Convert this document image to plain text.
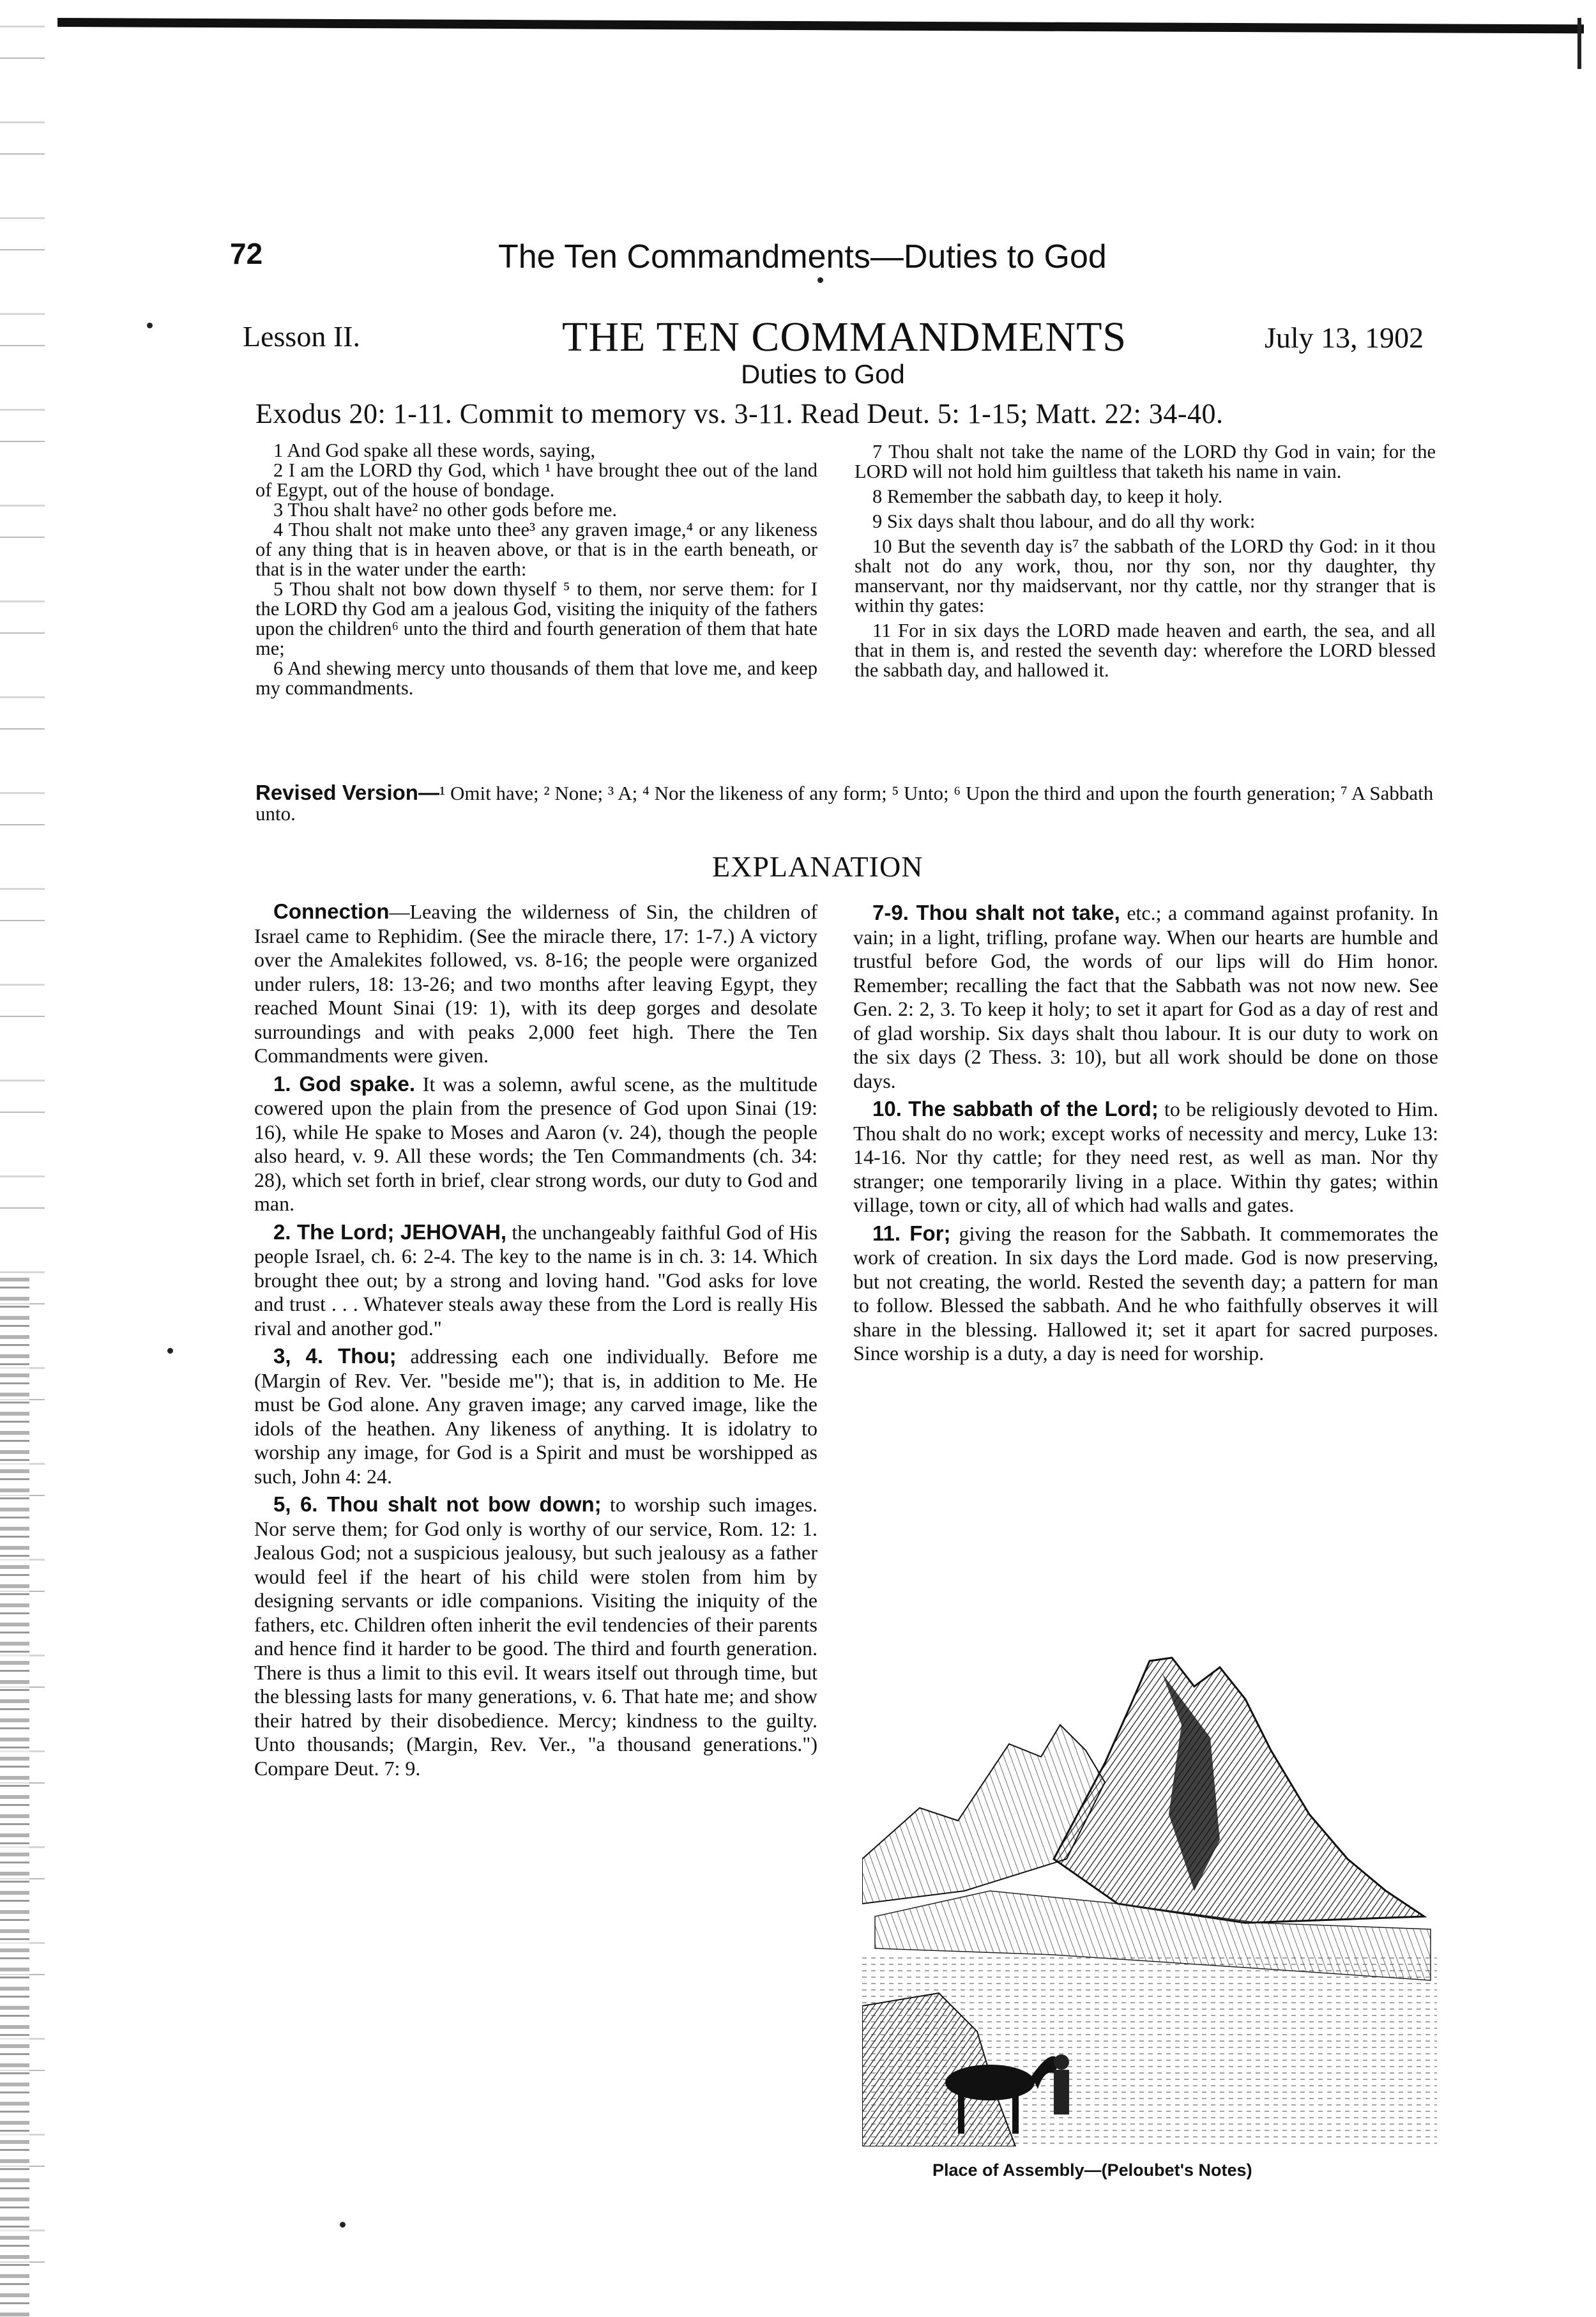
72	The Ten Commandments—Duties to God
Lesson II.	THE TEN COMMANDMENTS	July 13, 1902
Duties to God
Exodus 20: 1-11. Commit to memory vs. 3-11. Read Deut. 5: 1-15; Matt. 22: 34-40.

1 And God spake all these words, saying,

2 I am the LORD thy God, which ¹ have brought thee out of the land of Egypt, out of the house of bondage.

3 Thou shalt have² no other gods before me.

4 Thou shalt not make unto thee³ any graven image,⁴ or any likeness of any thing that is in heaven above, or that is in the earth beneath, or that is in the water under the earth:

5 Thou shalt not bow down thyself ⁵ to them, nor serve them: for I the LORD thy God am a jealous God, visiting the iniquity of the fathers upon the children⁶ unto the third and fourth generation of them that hate me;

6 And shewing mercy unto thousands of them that love me, and keep my commandments.

7 Thou shalt not take the name of the LORD thy God in vain; for the LORD will not hold him guiltless that taketh his name in vain.

8 Remember the sabbath day, to keep it holy.

9 Six days shalt thou labour, and do all thy work:

10 But the seventh day is⁷ the sabbath of the LORD thy God: in it thou shalt not do any work, thou, nor thy son, nor thy daughter, thy manservant, nor thy maidservant, nor thy cattle, nor thy stranger that is within thy gates:

11 For in six days the LORD made heaven and earth, the sea, and all that in them is, and rested the seventh day: wherefore the LORD blessed the sabbath day, and hallowed it.

Revised Version—¹ Omit have; ² None; ³ A; ⁴ Nor the likeness of any form; ⁵ Unto; ⁶ Upon the third and upon the fourth generation; ⁷ A Sabbath unto.
EXPLANATION

Connection—Leaving the wilderness of Sin, the children of Israel came to Rephidim. (See the miracle there, 17: 1-7.) A victory over the Amalekites followed, vs. 8-16; the people were organized under rulers, 18: 13-26; and two months after leaving Egypt, they reached Mount Sinai (19: 1), with its deep gorges and desolate surroundings and with peaks 2,000 feet high. There the Ten Commandments were given.

1. God spake. It was a solemn, awful scene, as the multitude cowered upon the plain from the presence of God upon Sinai (19: 16), while He spake to Moses and Aaron (v. 24), though the people also heard, v. 9. All these words; the Ten Commandments (ch. 34: 28), which set forth in brief, clear strong words, our duty to God and man.

2. The Lord; JEHOVAH, the unchangeably faithful God of His people Israel, ch. 6: 2-4. The key to the name is in ch. 3: 14. Which brought thee out; by a strong and loving hand. "God asks for love and trust . . . Whatever steals away these from the Lord is really His rival and another god."

3, 4. Thou; addressing each one individually. Before me (Margin of Rev. Ver. "beside me"); that is, in addition to Me. He must be God alone. Any graven image; any carved image, like the idols of the heathen. Any likeness of anything. It is idolatry to worship any image, for God is a Spirit and must be worshipped as such, John 4: 24.

5, 6. Thou shalt not bow down; to worship such images. Nor serve them; for God only is worthy of our service, Rom. 12: 1. Jealous God; not a suspicious jealousy, but such jealousy as a father would feel if the heart of his child were stolen from him by designing servants or idle companions. Visiting the iniquity of the fathers, etc. Children often inherit the evil tendencies of their parents and hence find it harder to be good. The third and fourth generation. There is thus a limit to this evil. It wears itself out through time, but the blessing lasts for many generations, v. 6. That hate me; and show their hatred by their disobedience. Mercy; kindness to the guilty. Unto thousands; (Margin, Rev. Ver., "a thousand generations.") Compare Deut. 7: 9.

7-9. Thou shalt not take, etc.; a command against profanity. In vain; in a light, trifling, profane way. When our hearts are humble and trustful before God, the words of our lips will do Him honor. Remember; recalling the fact that the Sabbath was not now new. See Gen. 2: 2, 3. To keep it holy; to set it apart for God as a day of rest and of glad worship. Six days shalt thou labour. It is our duty to work on the six days (2 Thess. 3: 10), but all work should be done on those days.

10. The sabbath of the Lord; to be religiously devoted to Him. Thou shalt do no work; except works of necessity and mercy, Luke 13: 14-16. Nor thy cattle; for they need rest, as well as man. Nor thy stranger; one temporarily living in a place. Within thy gates; within village, town or city, all of which had walls and gates.

11. For; giving the reason for the Sabbath. It commemorates the work of creation. In six days the Lord made. God is now preserving, but not creating, the world. Rested the seventh day; a pattern for man to follow. Blessed the sabbath. And he who faithfully observes it will share in the blessing. Hallowed it; set it apart for sacred purposes. Since worship is a duty, a day is need for worship.

Place of Assembly—(Peloubet's Notes)
